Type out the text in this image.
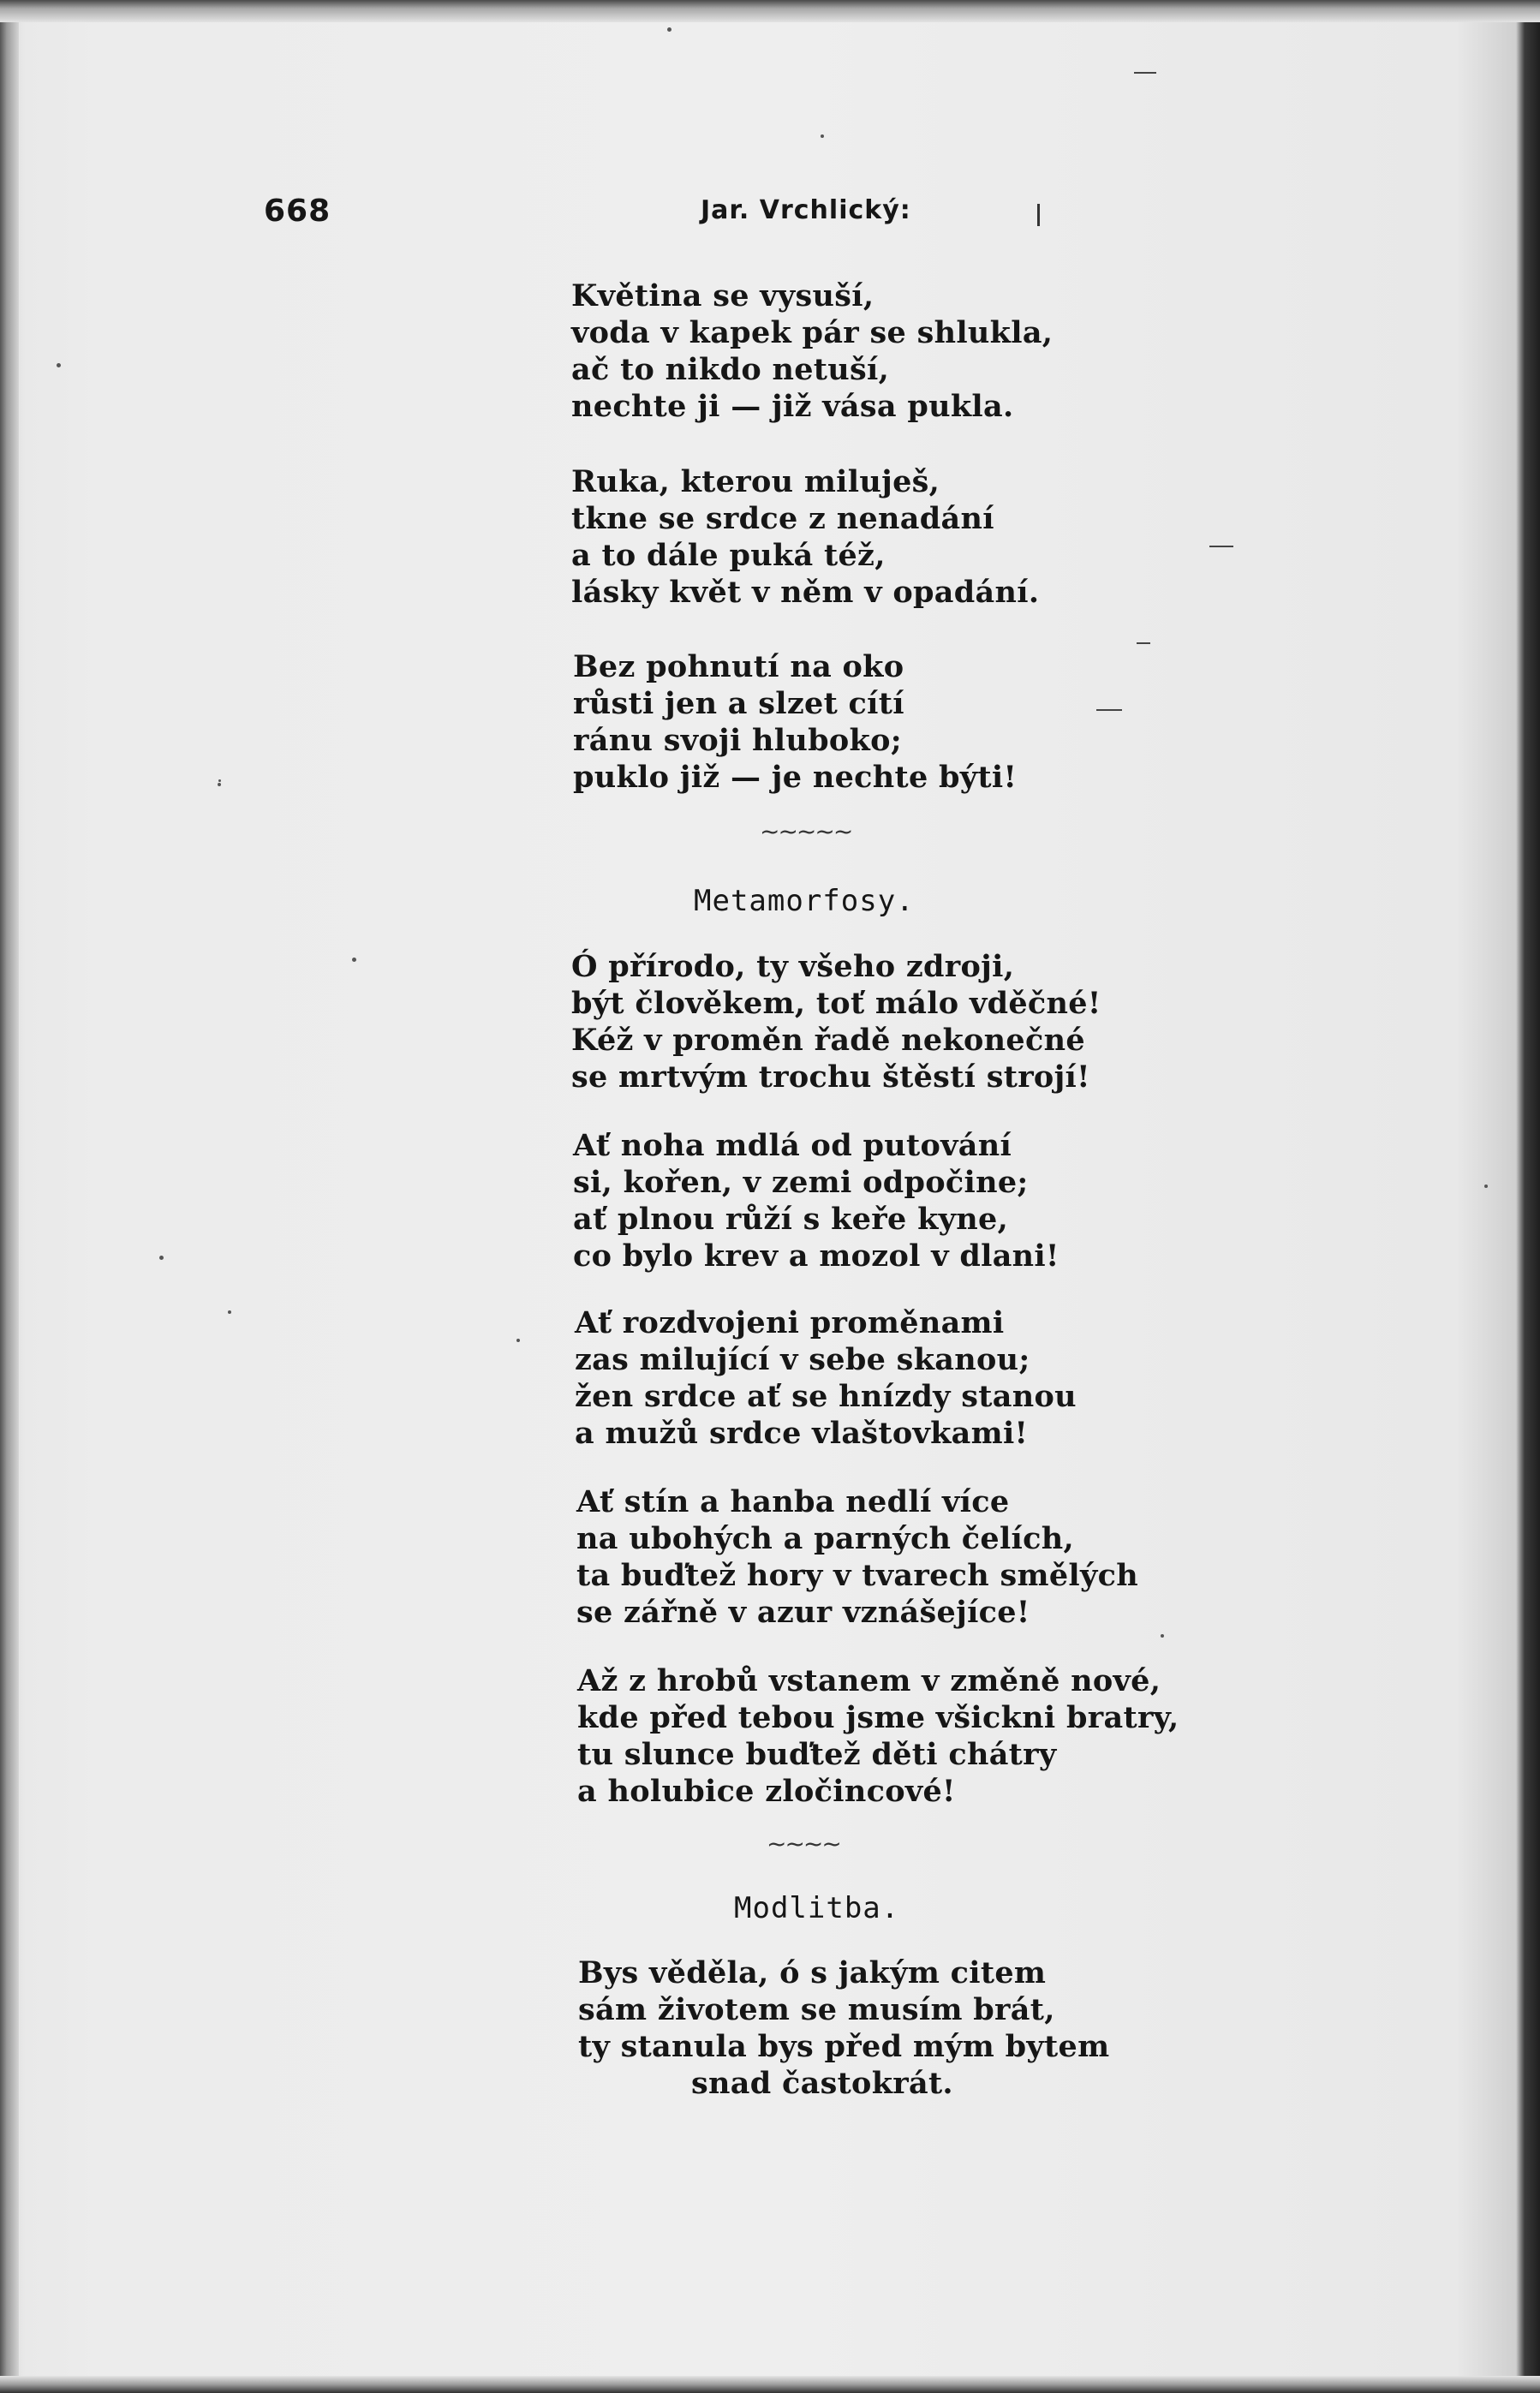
668	Jar. Vrchlický:
Květina se vysuší,
voda v kapek pár se shlukla,
ač to nikdo netuší,
nechte ji — již vása pukla.
Ruka, kterou miluješ,
tkne se srdce z nenadání
a to dále puká též,
lásky květ v něm v opadání.
Bez pohnutí na oko
růsti jen a slzet cítí
ránu svoji hluboko;
puklo již — je nechte býti!
~~~~~
Metamorfosy.
Ó přírodo, ty všeho zdroji,
být člověkem, toť málo vděčné!
Kéž v proměn řadě nekonečné
se mrtvým trochu štěstí strojí!
Ať noha mdlá od putování
si, kořen, v zemi odpočine;
ať plnou růží s keře kyne,
co bylo krev a mozol v dlani!
Ať rozdvojeni proměnami
zas milující v sebe skanou;
žen srdce ať se hnízdy stanou
a mužů srdce vlaštovkami!
Ať stín a hanba nedlí více
na ubohých a parných čelích,
ta buďtež hory v tvarech smělých
se zářně v azur vznášejíce!
Až z hrobů vstanem v změně nové,
kde před tebou jsme všickni bratry,
tu slunce buďtež děti chátry
a holubice zločincové!
~~~~
Modlitba.
Bys věděla, ó s jakým citem
sám životem se musím brát,
ty stanula bys před mým bytem
snad častokrát.
